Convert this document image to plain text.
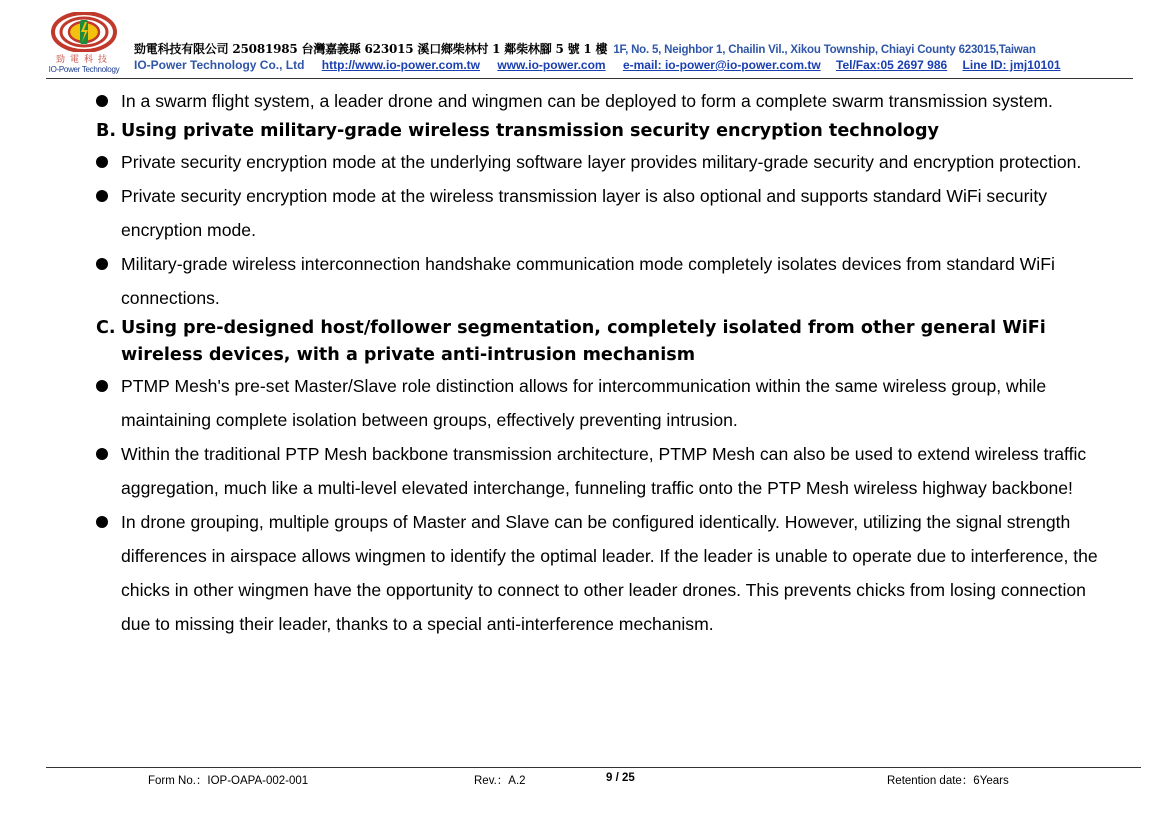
勁電科技
IO-Power Technology
勁電科技有限公司 25081985 台灣嘉義縣 623015 溪口鄉柴林村 1 鄰柴林腳 5 號 1 樓 1F, No. 5, Neighbor 1, Chailin Vil., Xikou Township, Chiayi County 623015,Taiwan
IO-Power Technology Co., Ltd http://www.io-power.com.tw www.io-power.com e-mail: io-power@io-power.com.tw Tel/Fax:05 2697 986 Line ID: jmj10101
In a swarm flight system, a leader drone and wingmen can be deployed to form a complete swarm transmission system.
B. Using private military-grade wireless transmission security encryption technology
Private security encryption mode at the underlying software layer provides military-grade security and encryption protection.
Private security encryption mode at the wireless transmission layer is also optional and supports standard WiFi security encryption mode.
Military-grade wireless interconnection handshake communication mode completely isolates devices from standard WiFi connections.
C. Using pre-designed host/follower segmentation, completely isolated from other general WiFi wireless devices, with a private anti-intrusion mechanism
PTMP Mesh's pre-set Master/Slave role distinction allows for intercommunication within the same wireless group, while maintaining complete isolation between groups, effectively preventing intrusion.
Within the traditional PTP Mesh backbone transmission architecture, PTMP Mesh can also be used to extend wireless traffic aggregation, much like a multi-level elevated interchange, funneling traffic onto the PTP Mesh wireless highway backbone!
In drone grouping, multiple groups of Master and Slave can be configured identically. However, utilizing the signal strength differences in airspace allows wingmen to identify the optimal leader. If the leader is unable to operate due to interference, the chicks in other wingmen have the opportunity to connect to other leader drones. This prevents chicks from losing connection due to missing their leader, thanks to a special anti-interference mechanism.
Form No.：IOP-OAPA-002-001	Rev.：A.2	9 / 25	Retention date：6Years
